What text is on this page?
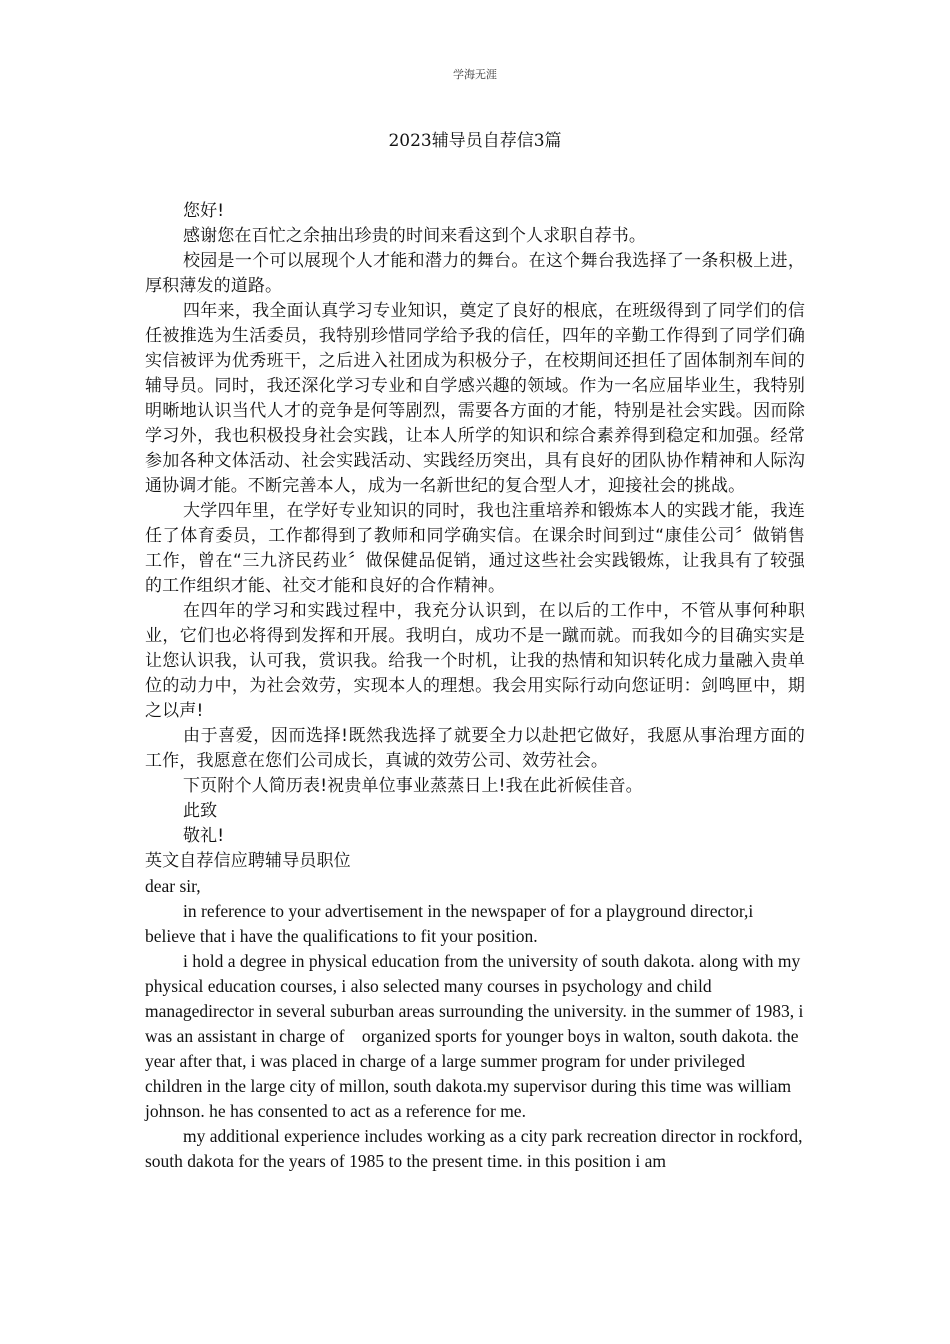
学海无涯
2023辅导员自荐信3篇

您好!

感谢您在百忙之余抽出珍贵的时间来看这到个人求职自荐书。

校园是一个可以展现个人才能和潜力的舞台。在这个舞台我选择了一条积极上进，厚积薄发的道路。

四年来，我全面认真学习专业知识，奠定了良好的根底，在班级得到了同学们的信任被推选为生活委员，我特别珍惜同学给予我的信任，四年的辛勤工作得到了同学们确实信被评为优秀班干，之后进入社团成为积极分子，在校期间还担任了固体制剂车间的辅导员。同时，我还深化学习专业和自学感兴趣的领域。作为一名应届毕业生，我特别明晰地认识当代人才的竞争是何等剧烈，需要各方面的才能，特别是社会实践。因而除学习外，我也积极投身社会实践，让本人所学的知识和综合素养得到稳定和加强。经常参加各种文体活动、社会实践活动、实践经历突出，具有良好的团队协作精神和人际沟通协调才能。不断完善本人，成为一名新世纪的复合型人才，迎接社会的挑战。

大学四年里，在学好专业知识的同时，我也注重培养和锻炼本人的实践才能，我连任了体育委员，工作都得到了教师和同学确实信。在课余时间到过“康佳公司〞做销售工作，曾在“三九济民药业〞做保健品促销，通过这些社会实践锻炼，让我具有了较强的工作组织才能、社交才能和良好的合作精神。

在四年的学习和实践过程中，我充分认识到，在以后的工作中，不管从事何种职业，它们也必将得到发挥和开展。我明白，成功不是一蹴而就。而我如今的目确实实是让您认识我，认可我，赏识我。给我一个时机，让我的热情和知识转化成力量融入贵单位的动力中，为社会效劳，实现本人的理想。我会用实际行动向您证明：剑鸣匣中，期之以声!

由于喜爱，因而选择!既然我选择了就要全力以赴把它做好，我愿从事治理方面的工作，我愿意在您们公司成长，真诚的效劳公司、效劳社会。

下页附个人简历表!祝贵单位事业蒸蒸日上!我在此祈候佳音。

此致

敬礼!

英文自荐信应聘辅导员职位

dear sir,

in reference to your advertisement in the newspaper of for a playground director,i believe that i have the qualifications to fit your position.

i hold a degree in physical education from the university of south dakota. along with my physical education courses, i also selected many courses in psychology and child managedirector in several suburban areas surrounding the university. in the summer of 1983, i was an assistant in charge of    organized sports for younger boys in walton, south dakota. the year after that, i was placed in charge of a large summer program for under privileged children in the large city of millon, south dakota.my supervisor during this time was william johnson. he has consented to act as a reference for me.

my additional experience includes working as a city park recreation director in rockford, south dakota for the years of 1985 to the present time. in this position i am
